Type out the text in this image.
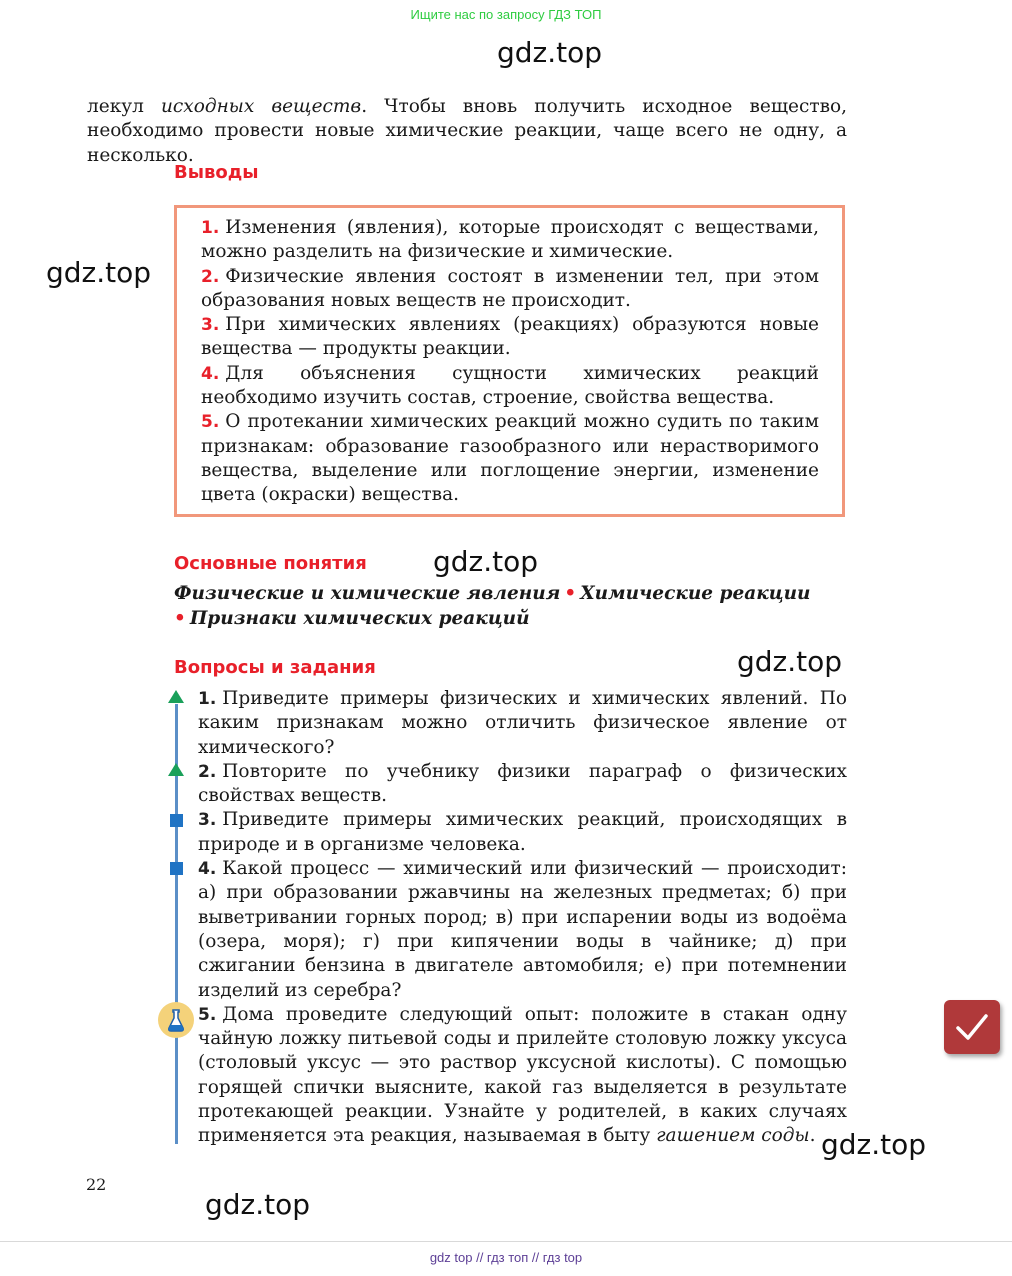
Ищите нас по запросу ГДЗ ТОП
gdz.top
gdz.top
gdz.top
gdz.top
gdz.top
gdz.top
лекул исходных веществ. Чтобы вновь получить исходное вещество, необходимо провести новые химические реакции, чаще всего не одну, а несколько.
Выводы

1. Изменения (явления), которые происходят с веществами, можно разделить на физические и химические.

2. Физические явления состоят в изменении тел, при этом образования новых веществ не происходит.

3. При химических явлениях (реакциях) образуются новые вещества — продукты реакции.

4. Для объяснения сущности химических реакций необходимо изучить состав, строение, свойства вещества.

5. О протекании химических реакций можно судить по таким признакам: образование газообразного или нерастворимого вещества, выделение или поглощение энергии, изменение цвета (окраски) вещества.

Основные понятия
Физические и химические явления • Химические реакции
• Признаки химических реакций
Вопросы и задания

1. Приведите примеры физических и химических явлений. По каким признакам можно отличить физическое явление от химического?

2. Повторите по учебнику физики параграф о физических свойствах веществ.

3. Приведите примеры химических реакций, происходящих в природе и в организме человека.

4. Какой процесс — химический или физический — происходит: а) при образовании ржавчины на железных предметах; б) при выветривании горных пород; в) при испарении воды из водоёма (озера, моря); г) при кипячении воды в чайнике; д) при сжигании бензина в двигателе автомобиля; е) при потемнении изделий из серебра?

5. Дома проведите следующий опыт: положите в стакан одну чайную ложку питьевой соды и прилейте столовую ложку уксуса (столовый уксус — это раствор уксусной кислоты). С помощью горящей спички выясните, какой газ выделяется в результате протекающей реакции. Узнайте у родителей, в каких случаях применяется эта реакция, называемая в быту гашением соды.

22
gdz top // гдз топ // гдз top
